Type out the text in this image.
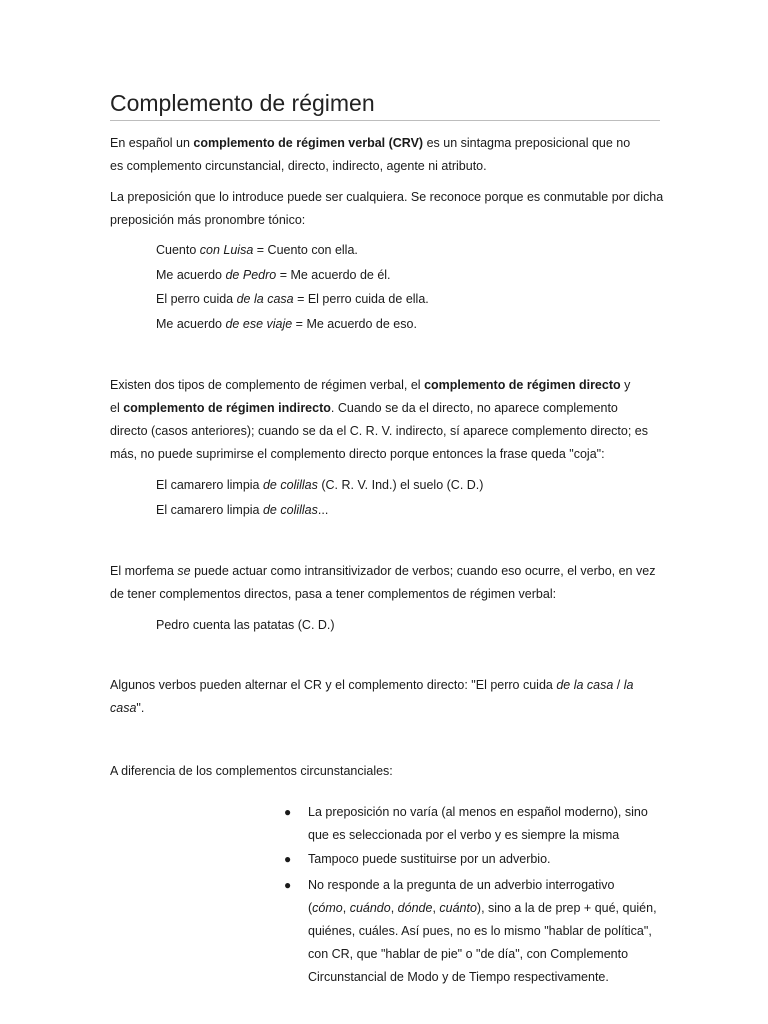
Complemento de régimen

En español un complemento de régimen verbal (CRV) es un sintagma preposicional que no
es complemento circunstancial, directo, indirecto, agente ni atributo.

La preposición que lo introduce puede ser cualquiera. Se reconoce porque es conmutable por dicha
preposición más pronombre tónico:

Cuento con Luisa = Cuento con ella.

Me acuerdo de Pedro = Me acuerdo de él.

El perro cuida de la casa = El perro cuida de ella.

Me acuerdo de ese viaje = Me acuerdo de eso.

Existen dos tipos de complemento de régimen verbal, el complemento de régimen directo y
el complemento de régimen indirecto. Cuando se da el directo, no aparece complemento
directo (casos anteriores); cuando se da el C. R. V. indirecto, sí aparece complemento directo; es
más, no puede suprimirse el complemento directo porque entonces la frase queda "coja":

El camarero limpia de colillas (C. R. V. Ind.) el suelo (C. D.)

El camarero limpia de colillas...

El morfema se puede actuar como intransitivizador de verbos; cuando eso ocurre, el verbo, en vez
de tener complementos directos, pasa a tener complementos de régimen verbal:

Pedro cuenta las patatas (C. D.)

Algunos verbos pueden alternar el CR y el complemento directo: "El perro cuida de la casa / la
casa".

A diferencia de los complementos circunstanciales:

● La preposición no varía (al menos en español moderno), sino
que es seleccionada por el verbo y es siempre la misma
● Tampoco puede sustituirse por un adverbio.
● No responde a la pregunta de un adverbio interrogativo
(cómo, cuándo, dónde, cuánto), sino a la de prep + qué, quién,
quiénes, cuáles. Así pues, no es lo mismo "hablar de política",
con CR, que "hablar de pie" o "de día", con Complemento
Circunstancial de Modo y de Tiempo respectivamente.
